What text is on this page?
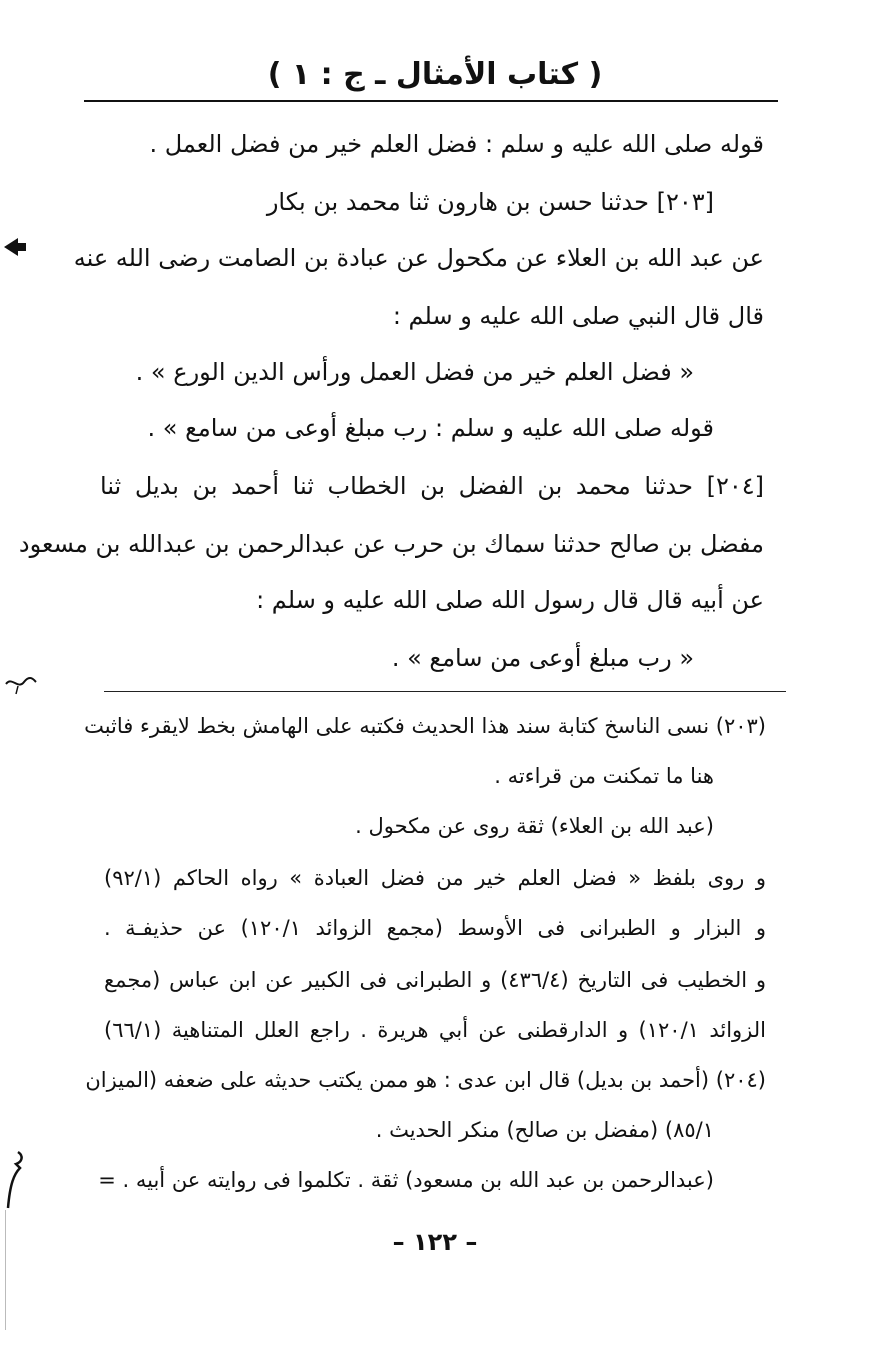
( كتاب الأمثال ـ ج : ١ )
قوله صلى الله عليه و سلم : فضل العلم خير من فضل العمل .
[٢٠٣] حدثنا حسن بن هارون ثنا محمد بن بكار
عن عبد الله بن العلاء عن مكحول عن عبادة بن الصامت رضى الله عنه
قال قال النبي صلى الله عليه و سلم :
« فضل العلم خير من فضل العمل ورأس الدين الورع » .
قوله صلى الله عليه و سلم : رب مبلغ أوعى من سامع » .
[٢٠٤] حدثنا محمد بن الفضل بن الخطاب ثنا أحمد بن بديل ثنا
مفضل بن صالح حدثنا سماك بن حرب عن عبدالرحمن بن عبدالله بن مسعود
عن أبيه قال قال رسول الله صلى الله عليه و سلم :
« رب مبلغ أوعى من سامع » .
(٢٠٣) نسى الناسخ كتابة سند هذا الحديث فكتبه على الهامش بخط لايقرء فاثبت
هنا ما تمكنت من قراءته .
(عبد الله بن العلاء) ثقة روى عن مكحول .
و روى بلفظ « فضل العلم خير من فضل العبادة » رواه الحاكم (٩٢/١)
و البزار و الطبرانى فى الأوسط (مجمع الزوائد ١٢٠/١) عن حذيفـة .
و الخطيب فى التاريخ (٤٣٦/٤) و الطبرانى فى الكبير عن ابن عباس (مجمع
الزوائد ١٢٠/١) و الدارقطنى عن أبي هريرة . راجع العلل المتناهية (٦٦/١)
(٢٠٤) (أحمد بن بديل) قال ابن عدى : هو ممن يكتب حديثه على ضعفه (الميزان
٨٥/١) (مفضل بن صالح) منكر الحديث .
(عبدالرحمن بن عبد الله بن مسعود) ثقة . تكلموا فى روايته عن أبيه . =
– ١٢٢ –
